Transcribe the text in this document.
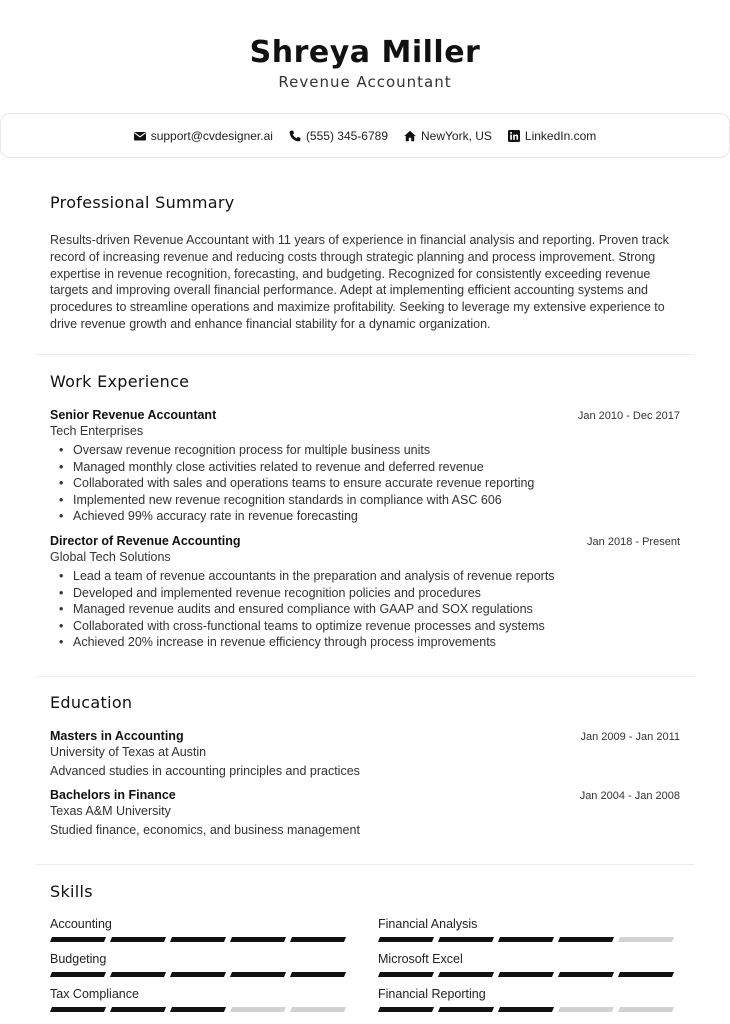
Shreya Miller
Revenue Accountant
support@cvdesigner.ai	(555) 345-6789	NewYork, US	LinkedIn.com
Professional Summary

Results-driven Revenue Accountant with 11 years of experience in financial analysis and reporting. Proven track record of increasing revenue and reducing costs through strategic planning and process improvement. Strong expertise in revenue recognition, forecasting, and budgeting. Recognized for consistently exceeding revenue targets and improving overall financial performance. Adept at implementing efficient accounting systems and procedures to streamline operations and maximize profitability. Seeking to leverage my extensive experience to drive revenue growth and enhance financial stability for a dynamic organization.

Work Experience
Senior Revenue Accountant	Jan 2010 - Dec 2017
Tech Enterprises
• Oversaw revenue recognition process for multiple business units
• Managed monthly close activities related to revenue and deferred revenue
• Collaborated with sales and operations teams to ensure accurate revenue reporting
• Implemented new revenue recognition standards in compliance with ASC 606
• Achieved 99% accuracy rate in revenue forecasting
Director of Revenue Accounting	Jan 2018 - Present
Global Tech Solutions
• Lead a team of revenue accountants in the preparation and analysis of revenue reports
• Developed and implemented revenue recognition policies and procedures
• Managed revenue audits and ensured compliance with GAAP and SOX regulations
• Collaborated with cross-functional teams to optimize revenue processes and systems
• Achieved 20% increase in revenue efficiency through process improvements
Education
Masters in Accounting	Jan 2009 - Jan 2011
University of Texas at Austin
Advanced studies in accounting principles and practices
Bachelors in Finance	Jan 2004 - Jan 2008
Texas A&M University
Studied finance, economics, and business management
Skills
Accounting	Financial Analysis
Budgeting	Microsoft Excel
Tax Compliance	Financial Reporting
